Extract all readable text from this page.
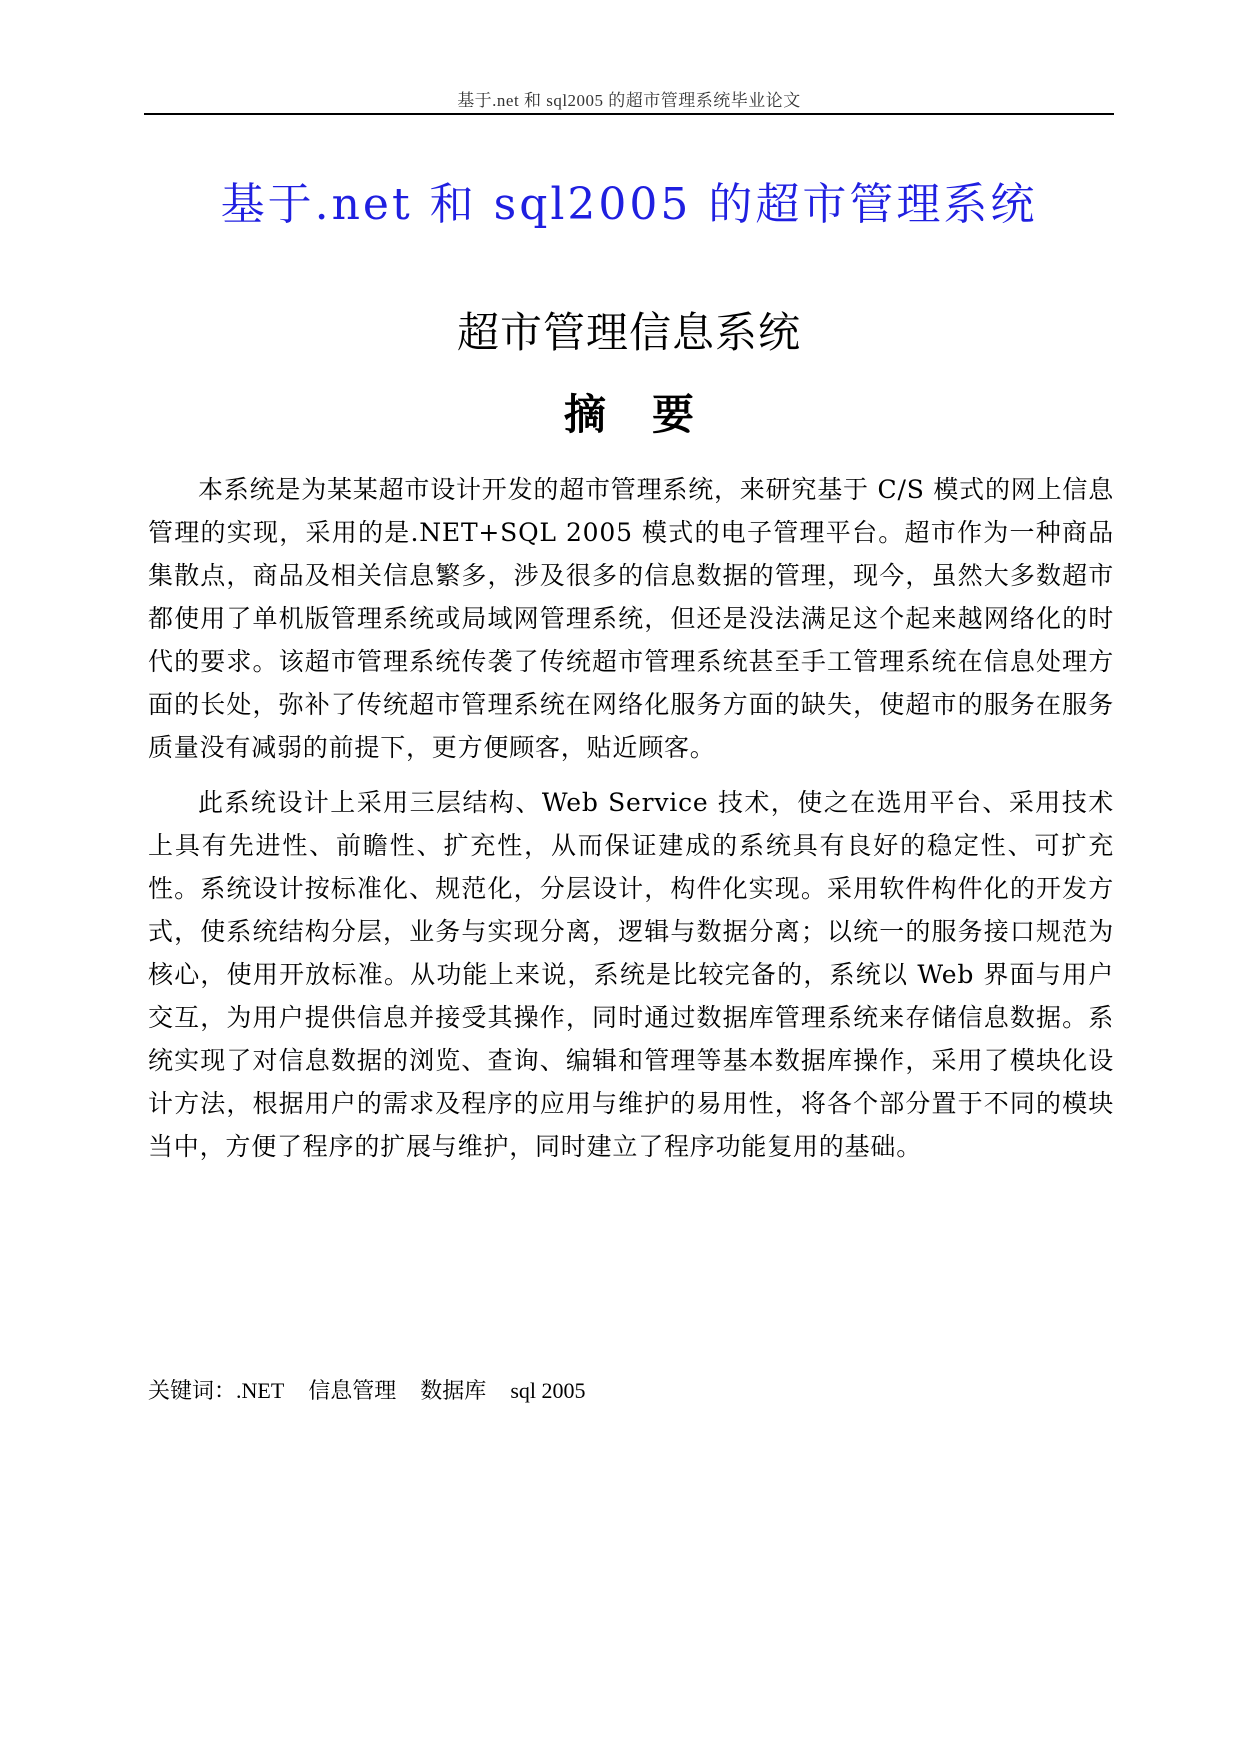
基于.net 和 sql2005 的超市管理系统毕业论文
基于.net 和 sql2005 的超市管理系统
超市管理信息系统
摘 要

本系统是为某某超市设计开发的超市管理系统，来研究基于 C/S 模式的网上信息管理的实现，采用的是.NET+SQL 2005 模式的电子管理平台。超市作为一种商品集散点，商品及相关信息繁多，涉及很多的信息数据的管理，现今，虽然大多数超市都使用了单机版管理系统或局域网管理系统，但还是没法满足这个起来越网络化的时代的要求。该超市管理系统传袭了传统超市管理系统甚至手工管理系统在信息处理方面的长处，弥补了传统超市管理系统在网络化服务方面的缺失，使超市的服务在服务质量没有减弱的前提下，更方便顾客，贴近顾客。

此系统设计上采用三层结构、Web Service 技术，使之在选用平台、采用技术上具有先进性、前瞻性、扩充性，从而保证建成的系统具有良好的稳定性、可扩充性。系统设计按标准化、规范化，分层设计，构件化实现。采用软件构件化的开发方式，使系统结构分层，业务与实现分离，逻辑与数据分离；以统一的服务接口规范为核心，使用开放标准。从功能上来说，系统是比较完备的，系统以 Web 界面与用户交互，为用户提供信息并接受其操作，同时通过数据库管理系统来存储信息数据。系统实现了对信息数据的浏览、查询、编辑和管理等基本数据库操作，采用了模块化设计方法，根据用户的需求及程序的应用与维护的易用性，将各个部分置于不同的模块当中，方便了程序的扩展与维护，同时建立了程序功能复用的基础。

关键词：.NET 信息管理 数据库 sql 2005
